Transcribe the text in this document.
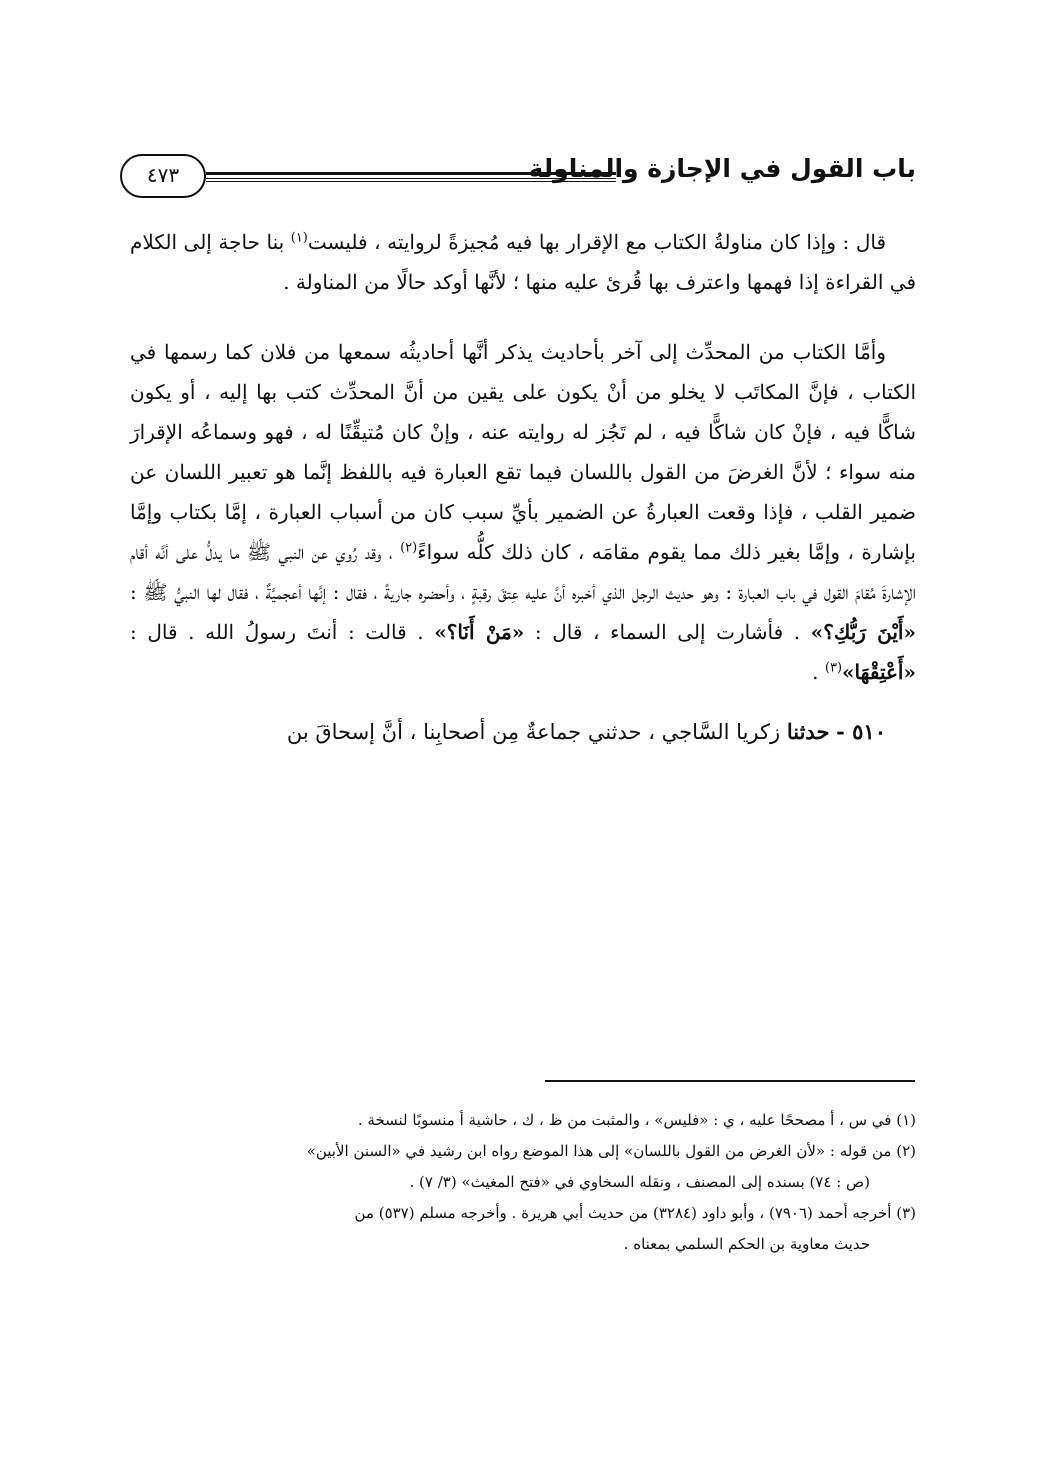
باب القول في الإجازة والمناولة
٤٧٣

قال : وإذا كان مناولةُ الكتاب مع الإقرار بها فيه مُجيزةً لروايته ، فليست$^{(١)}$ بنا حاجة إلى الكلام في القراءة إذا فهمها واعترف بها قُرئ عليه منها ؛ لأنَّها أوكد حالًا من المناولة .

وأمَّا الكتاب من المحدِّث إلى آخر بأحاديث يذكر أنَّها أحاديثُه سمعها من فلان كما رسمها في الكتاب ، فإنَّ المكاتَب لا يخلو من أنْ يكون على يقين من أنَّ المحدِّث كتب بها إليه ، أو يكون شاكًّا فيه ، فإنْ كان شاكًّا فيه ، لم تَجُز له روايته عنه ، وإنْ كان مُتيقِّنًا له ، فهو وسماعُه الإقرارَ منه سواء ؛ لأنَّ الغرضَ من القول باللسان فيما تقع العبارة فيه باللفظ إنَّما هو تعبير اللسان عن ضمير القلب ، فإذا وقعت العبارةُ عن الضمير بأيِّ سبب كان من أسباب العبارة ، إمَّا بكتاب وإمَّا بإشارة ، وإمَّا بغير ذلك مما يقوم مقامَه ، كان ذلك كلُّه سواءً$^{(٢)}$ ، وقد رُوي عن النبي ﷺ ما يدلُّ على أنَّه أقام الإشارةَ مُقامَ القول في باب العبارة : وهو حديث الرجل الذي أخبره أنَّ عليه عِتقَ رقبةٍ ، وأحضره جاريةً ، فقال : إنَّها أعجميَّةٌ ، فقال لها النبيُّ ﷺ : «أَيْنَ رَبُّكِ؟» . فأشارت إلى السماء ، قال : «مَنْ أَنَا؟» . قالت : أنتَ رسولُ الله . قال : «أَعْتِقْهَا»$^{(٣)}$ .

٥١٠ - حدثنا زكريا السَّاجي ، حدثني جماعةٌ مِن أصحابِنا ، أنَّ إسحاقَ بن

(١) في س ، أ مصححًا عليه ، ي : «فليس» ، والمثبت من ظ ، ك ، حاشية أ منسوبًا لنسخة .

(٢) من قوله : «لأن الغرض من القول باللسان» إلى هذا الموضع رواه ابن رشيد في «السنن الأبين»

(ص : ٧٤) بسنده إلى المصنف ، ونقله السخاوي في «فتح المغيث» (٣/ ٧) .

(٣) أخرجه أحمد (٧٩٠٦) ، وأبو داود (٣٢٨٤) من حديث أبي هريرة . وأخرجه مسلم (٥٣٧) من

حديث معاوية بن الحكم السلمي بمعناه .
